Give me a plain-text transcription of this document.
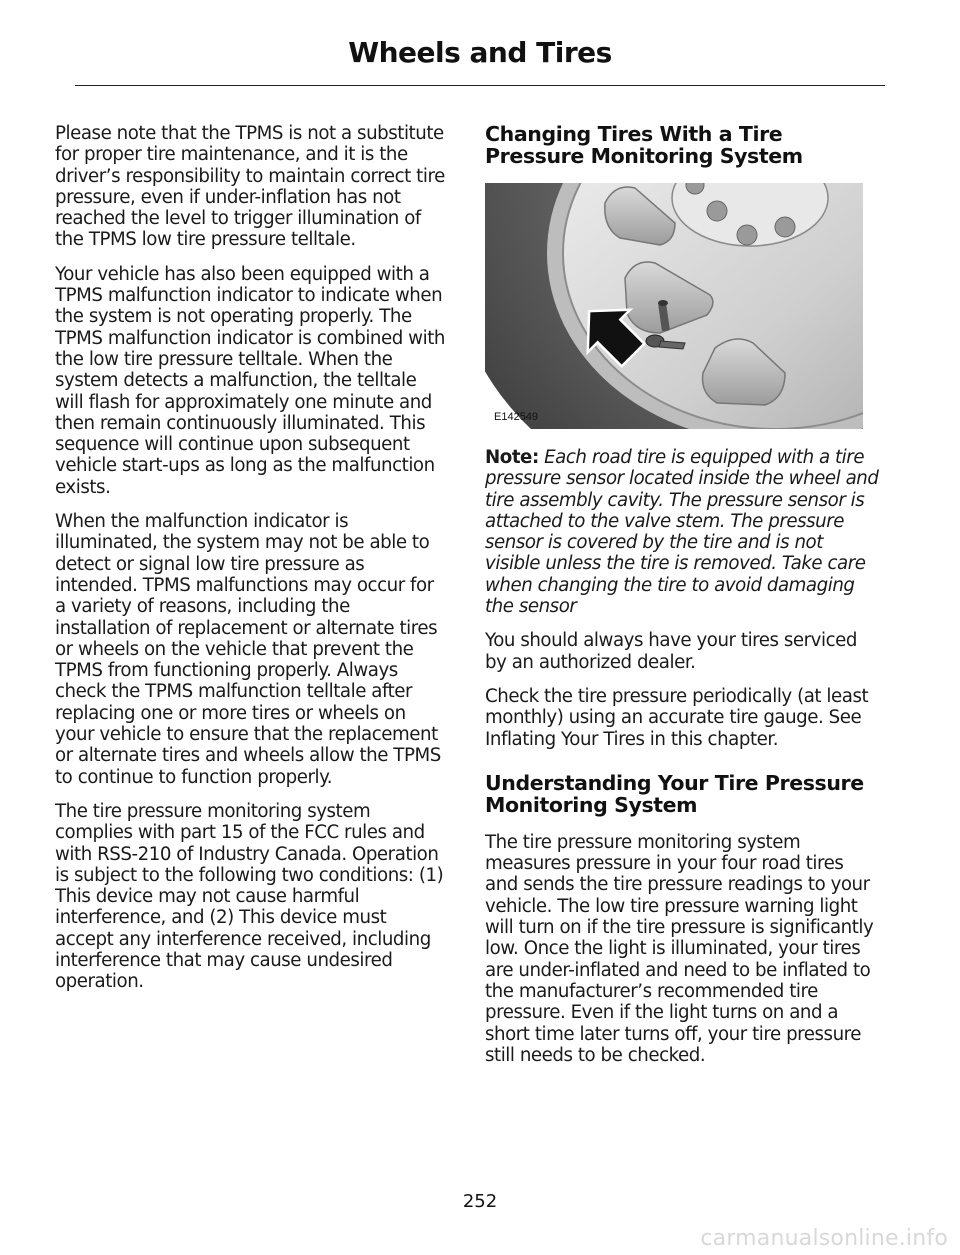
Wheels and Tires

Please note that the TPMS is not a substitute for proper tire maintenance, and it is the driver’s responsibility to maintain correct tire pressure, even if under-inflation has not reached the level to trigger illumination of the TPMS low tire pressure telltale.

Your vehicle has also been equipped with a TPMS malfunction indicator to indicate when the system is not operating properly. The TPMS malfunction indicator is combined with the low tire pressure telltale. When the system detects a malfunction, the telltale will flash for approximately one minute and then remain continuously illuminated. This sequence will continue upon subsequent vehicle start-ups as long as the malfunction exists.

When the malfunction indicator is illuminated, the system may not be able to detect or signal low tire pressure as intended. TPMS malfunctions may occur for a variety of reasons, including the installation of replacement or alternate tires or wheels on the vehicle that prevent the TPMS from functioning properly. Always check the TPMS malfunction telltale after replacing one or more tires or wheels on your vehicle to ensure that the replacement or alternate tires and wheels allow the TPMS to continue to function properly.

The tire pressure monitoring system complies with part 15 of the FCC rules and with RSS-210 of Industry Canada. Operation is subject to the following two conditions: (1) This device may not cause harmful interference, and (2) This device must accept any interference received, including interference that may cause undesired operation.

Changing Tires With a Tire Pressure Monitoring System
E142549
Note: Each road tire is equipped with a tire pressure sensor located inside the wheel and tire assembly cavity. The pressure sensor is attached to the valve stem. The pressure sensor is covered by the tire and is not visible unless the tire is removed. Take care when changing the tire to avoid damaging the sensor

You should always have your tires serviced by an authorized dealer.

Check the tire pressure periodically (at least monthly) using an accurate tire gauge. See Inflating Your Tires in this chapter.

Understanding Your Tire Pressure Monitoring System

The tire pressure monitoring system measures pressure in your four road tires and sends the tire pressure readings to your vehicle. The low tire pressure warning light will turn on if the tire pressure is significantly low. Once the light is illuminated, your tires are under-inflated and need to be inflated to the manufacturer’s recommended tire pressure. Even if the light turns on and a short time later turns off, your tire pressure still needs to be checked.

252
carmanualsonline.info
